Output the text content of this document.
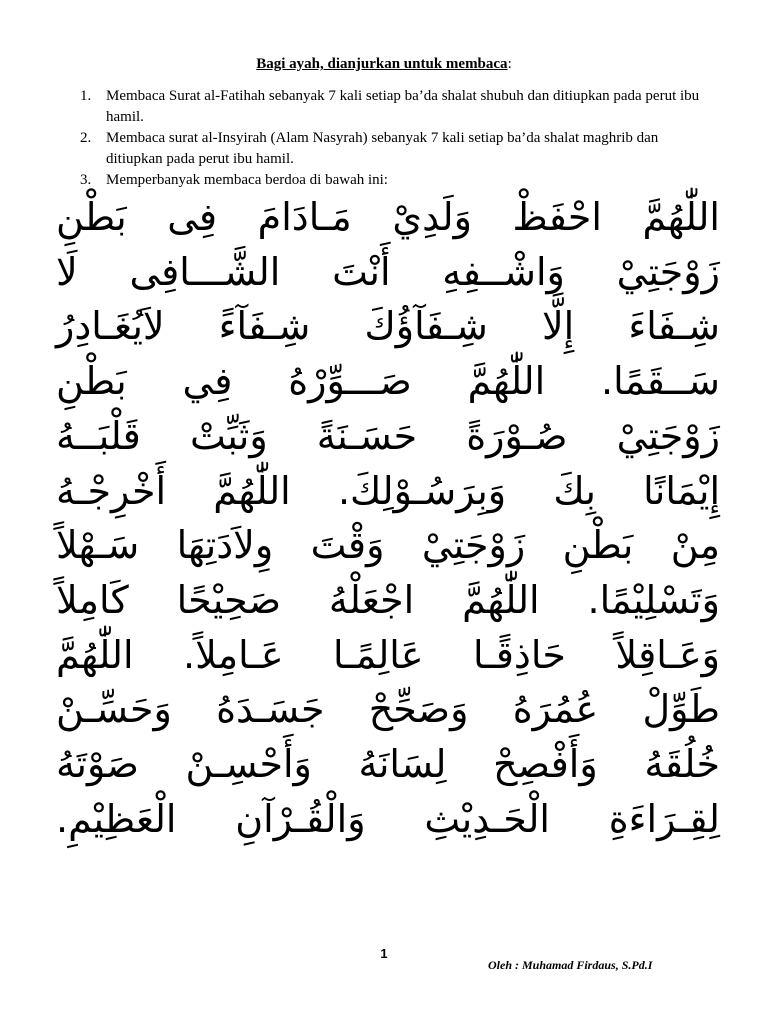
Bagi ayah, dianjurkan untuk membaca:
1. Membaca Surat al-Fatihah sebanyak 7 kali setiap ba’da shalat shubuh dan ditiupkan pada perut ibu hamil.
2. Membaca surat al-Insyirah (Alam Nasyrah) sebanyak 7 kali setiap ba’da shalat maghrib dan ditiupkan pada perut ibu hamil.
3. Memperbanyak membaca berdoa di bawah ini:
اللّٰهُمَّ احْفَظْ وَلَدِيْ مَـادَامَ فِى بَطْنِ
زَوْجَتِيْ وَاشْــفِهِ أَنْتَ الشَّـــافِى لَا
شِـفَاءَ إِلَّا شِـفَآؤُكَ شِـفَآءً لاَيُغَـادِرُ
سَــقَمًا. اللّٰهُمَّ صَـــوِّرْهُ فِي بَطْنِ
زَوْجَتِيْ صُـوْرَةً حَسَـنَةً وَثَبِّتْ قَلْبَــهُ
إِيْمَانًا بِكَ وَبِرَسُـوْلِكَ. اللّٰهُمَّ أَخْرِجْـهُ
مِنْ بَطْنِ زَوْجَتِيْ وَقْتَ وِلاَدَتِهَا سَـهْلاً
وَتَسْلِيْمًا. اللّٰهُمَّ اجْعَلْهُ صَحِيْحًا كَامِلاً
وَعَـاقِلاً حَاذِقًـا عَالِمًـا عَـامِلاً. اللّٰهُمَّ
طَوِّلْ عُمُرَهُ وَصَحِّحْ جَسَـدَهُ وَحَسِّـنْ
خُلُقَهُ وَأَفْصِحْ لِسَانَهُ وَأَحْسِـنْ صَوْتَهُ
لِقِـرَاءَةِ الْحَـدِيْثِ وَالْقُـرْآنِ الْعَظِيْمِ.
1
Oleh : Muhamad Firdaus, S.Pd.I
